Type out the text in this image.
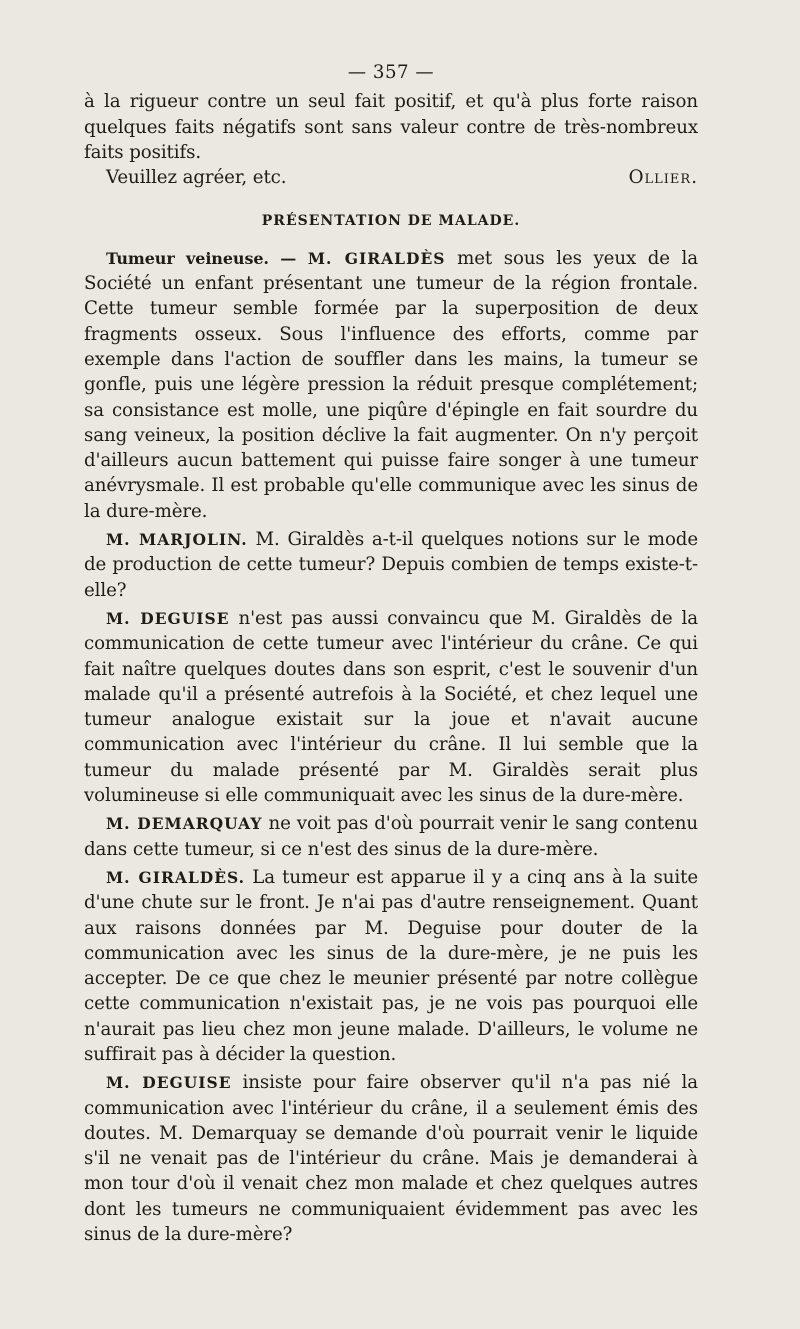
— 357 —

à la rigueur contre un seul fait positif, et qu'à plus forte raison quelques faits négatifs sont sans valeur contre de très-nombreux faits positifs.

Veuillez agréer, etc.	Ollier.
PRÉSENTATION DE MALADE.

Tumeur veineuse. — M. GIRALDÈS met sous les yeux de la Société un enfant présentant une tumeur de la région frontale. Cette tumeur semble formée par la superposition de deux fragments osseux. Sous l'influence des efforts, comme par exemple dans l'action de souffler dans les mains, la tumeur se gonfle, puis une légère pression la réduit presque complétement; sa consistance est molle, une piqûre d'épingle en fait sourdre du sang veineux, la position déclive la fait augmenter. On n'y perçoit d'ailleurs aucun battement qui puisse faire songer à une tumeur anévrysmale. Il est probable qu'elle communique avec les sinus de la dure-mère.

M. MARJOLIN. M. Giraldès a-t-il quelques notions sur le mode de production de cette tumeur? Depuis combien de temps existe-t-elle?

M. DEGUISE n'est pas aussi convaincu que M. Giraldès de la communication de cette tumeur avec l'intérieur du crâne. Ce qui fait naître quelques doutes dans son esprit, c'est le souvenir d'un malade qu'il a présenté autrefois à la Société, et chez lequel une tumeur analogue existait sur la joue et n'avait aucune communication avec l'intérieur du crâne. Il lui semble que la tumeur du malade présenté par M. Giraldès serait plus volumineuse si elle communiquait avec les sinus de la dure-mère.

M. DEMARQUAY ne voit pas d'où pourrait venir le sang contenu dans cette tumeur, si ce n'est des sinus de la dure-mère.

M. GIRALDÈS. La tumeur est apparue il y a cinq ans à la suite d'une chute sur le front. Je n'ai pas d'autre renseignement. Quant aux raisons données par M. Deguise pour douter de la communication avec les sinus de la dure-mère, je ne puis les accepter. De ce que chez le meunier présenté par notre collègue cette communication n'existait pas, je ne vois pas pourquoi elle n'aurait pas lieu chez mon jeune malade. D'ailleurs, le volume ne suffirait pas à décider la question.

M. DEGUISE insiste pour faire observer qu'il n'a pas nié la communication avec l'intérieur du crâne, il a seulement émis des doutes. M. Demarquay se demande d'où pourrait venir le liquide s'il ne venait pas de l'intérieur du crâne. Mais je demanderai à mon tour d'où il venait chez mon malade et chez quelques autres dont les tumeurs ne communiquaient évidemment pas avec les sinus de la dure-mère?
